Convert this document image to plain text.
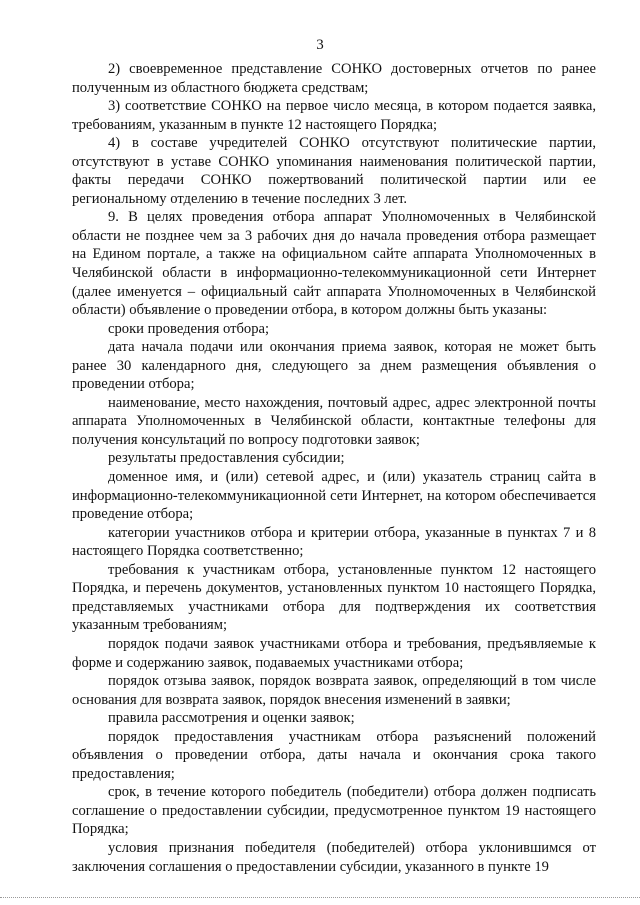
3

2) своевременное представление СОНКО достоверных отчетов по ранее полученным из областного бюджета средствам;

3) соответствие СОНКО на первое число месяца, в котором подается заявка, требованиям, указанным в пункте 12 настоящего Порядка;

4) в составе учредителей СОНКО отсутствуют политические партии, отсутствуют в уставе СОНКО упоминания наименования политической партии, факты передачи СОНКО пожертвований политической партии или ее региональному отделению в течение последних 3 лет.

9. В целях проведения отбора аппарат Уполномоченных в Челябинской области не позднее чем за 3 рабочих дня до начала проведения отбора размещает на Едином портале, а также на официальном сайте аппарата Уполномоченных в Челябинской области в информационно-телекоммуникационной сети Интернет (далее именуется – официальный сайт аппарата Уполномоченных в Челябинской области) объявление о проведении отбора, в котором должны быть указаны:

сроки проведения отбора;

дата начала подачи или окончания приема заявок, которая не может быть ранее 30 календарного дня, следующего за днем размещения объявления о проведении отбора;

наименование, место нахождения, почтовый адрес, адрес электронной почты аппарата Уполномоченных в Челябинской области, контактные телефоны для получения консультаций по вопросу подготовки заявок;

результаты предоставления субсидии;

доменное имя, и (или) сетевой адрес, и (или) указатель страниц сайта в информационно-телекоммуникационной сети Интернет, на котором обеспечивается проведение отбора;

категории участников отбора и критерии отбора, указанные в пунктах 7 и 8 настоящего Порядка соответственно;

требования к участникам отбора, установленные пунктом 12 настоящего Порядка, и перечень документов, установленных пунктом 10 настоящего Порядка, представляемых участниками отбора для подтверждения их соответствия указанным требованиям;

порядок подачи заявок участниками отбора и требования, предъявляемые к форме и содержанию заявок, подаваемых участниками отбора;

порядок отзыва заявок, порядок возврата заявок, определяющий в том числе основания для возврата заявок, порядок внесения изменений в заявки;

правила рассмотрения и оценки заявок;

порядок предоставления участникам отбора разъяснений положений объявления о проведении отбора, даты начала и окончания срока такого предоставления;

срок, в течение которого победитель (победители) отбора должен подписать соглашение о предоставлении субсидии, предусмотренное пунктом 19 настоящего Порядка;

условия признания победителя (победителей) отбора уклонившимся от заключения соглашения о предоставлении субсидии, указанного в пункте 19
